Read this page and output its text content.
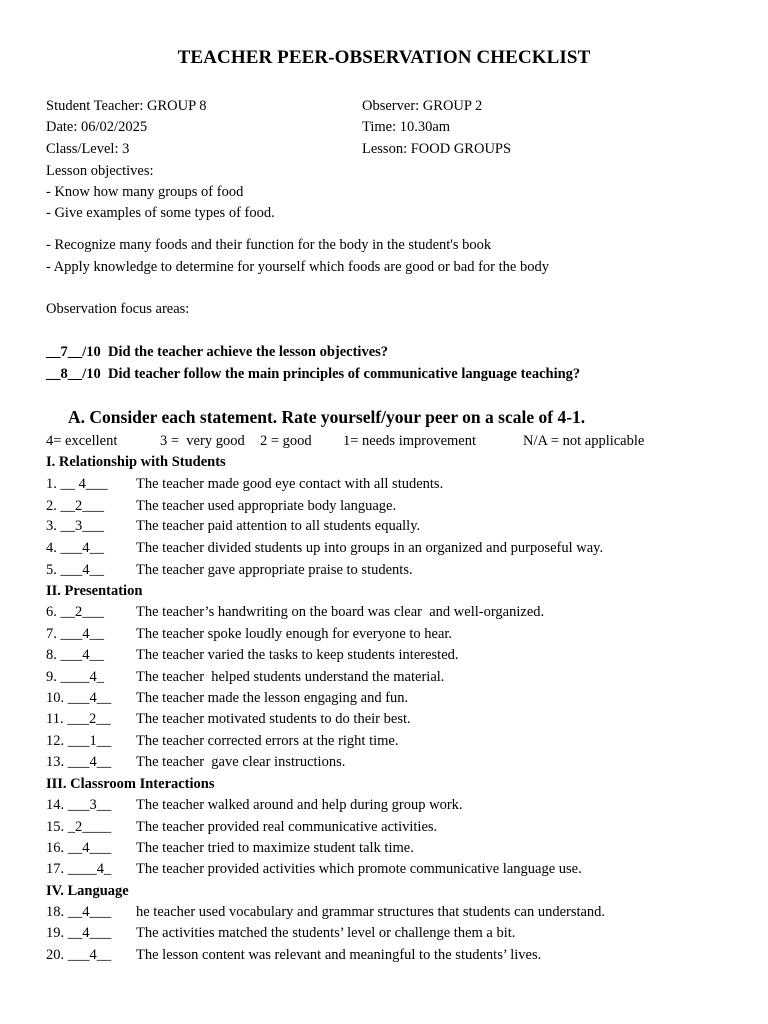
TEACHER PEER-OBSERVATION CHECKLIST
Student Teacher: GROUP 8	Observer: GROUP 2
Date: 06/02/2025	Time: 10.30am
Class/Level: 3	Lesson: FOOD GROUPS
Lesson objectives:
- Know how many groups of food
- Give examples of some types of food.
- Recognize many foods and their function for the body in the student's book
- Apply knowledge to determine for yourself which foods are good or bad for the body
Observation focus areas:
__7__/10  Did the teacher achieve the lesson objectives?
__8__/10  Did teacher follow the main principles of communicative language teaching?
A. Consider each statement. Rate yourself/your peer on a scale of 4-1.
4= excellent	3 =  very good 2 = good 1= needs improvement	N/A = not applicable
I. Relationship with Students
1. __ 4___ The teacher made good eye contact with all students.
2. __2___ The teacher used appropriate body language.
3. __3___ The teacher paid attention to all students equally.
4. ___4__ The teacher divided students up into groups in an organized and purposeful way.
5. ___4__ The teacher gave appropriate praise to students.
II. Presentation
6. __2___ The teacher’s handwriting on the board was clear  and well-organized.
7. ___4__ The teacher spoke loudly enough for everyone to hear.
8. ___4__ The teacher varied the tasks to keep students interested.
9. ____4_ The teacher  helped students understand the material.
10. ___4__ The teacher made the lesson engaging and fun.
11. ___2__ The teacher motivated students to do their best.
12. ___1__ The teacher corrected errors at the right time.
13. ___4__ The teacher  gave clear instructions.
III. Classroom Interactions
14. ___3__ The teacher walked around and help during group work.
15. _2____ The teacher provided real communicative activities.
16. __4___ The teacher tried to maximize student talk time.
17. ____4_ The teacher provided activities which promote communicative language use.
IV. Language
18. __4___ he teacher used vocabulary and grammar structures that students can understand.
19. __4___ The activities matched the students’ level or challenge them a bit.
20. ___4__ The lesson content was relevant and meaningful to the students’ lives.
